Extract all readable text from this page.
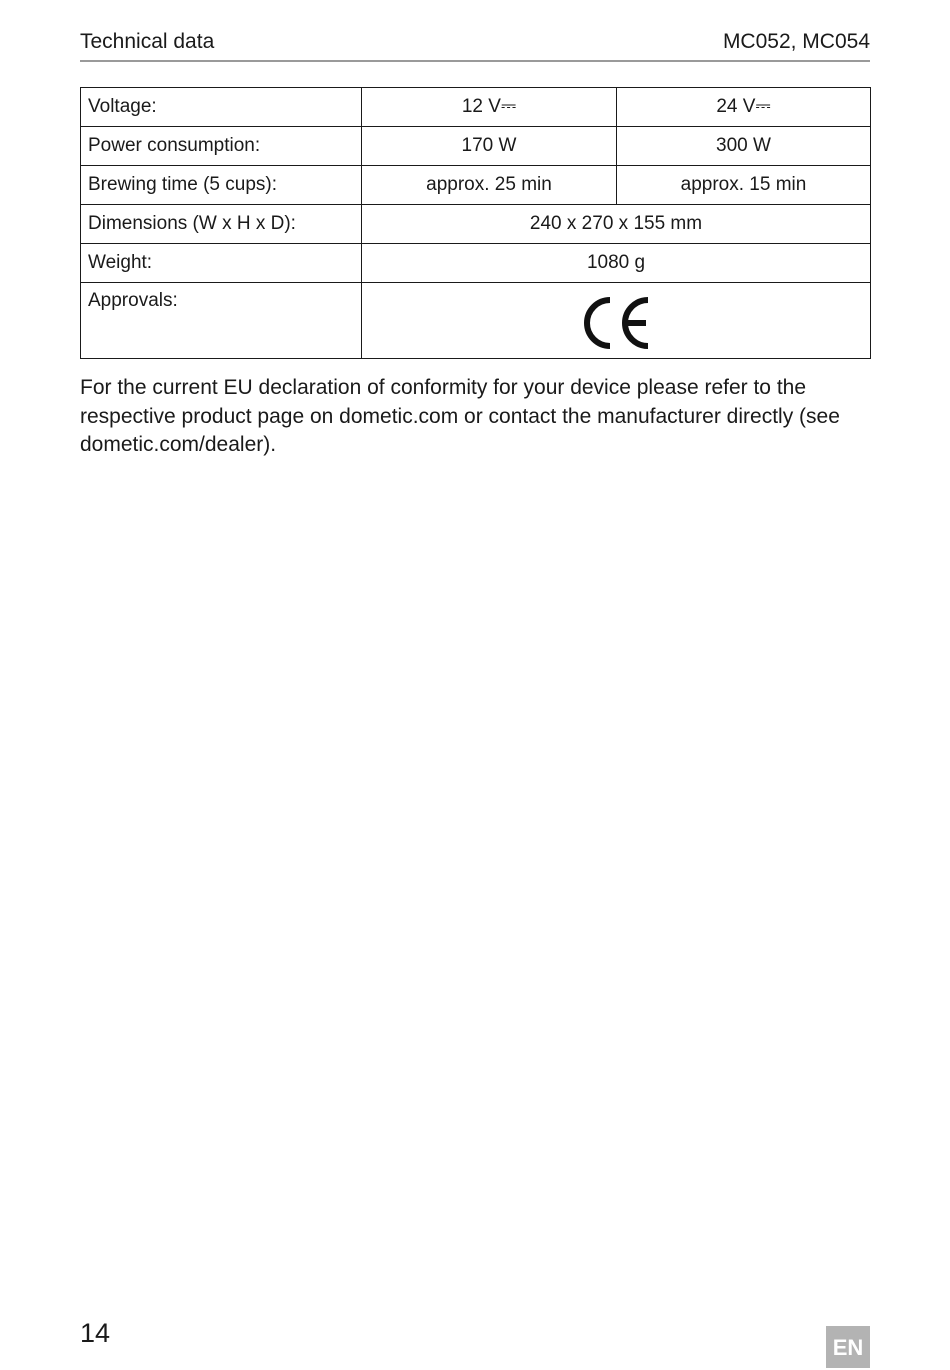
Technical data	MC052, MC054
Voltage:	12 V⎓	24 V⎓
Power consumption:	170 W	300 W
Brewing time (5 cups):	approx. 25 min	approx. 15 min
Dimensions (W x H x D):	240 x 270 x 155 mm	
Weight:	1080 g	
Approvals:	
For the current EU declaration of conformity for your device please refer to the respective product page on dometic.com or contact the manufacturer directly (see dometic.com/dealer).
14	EN
